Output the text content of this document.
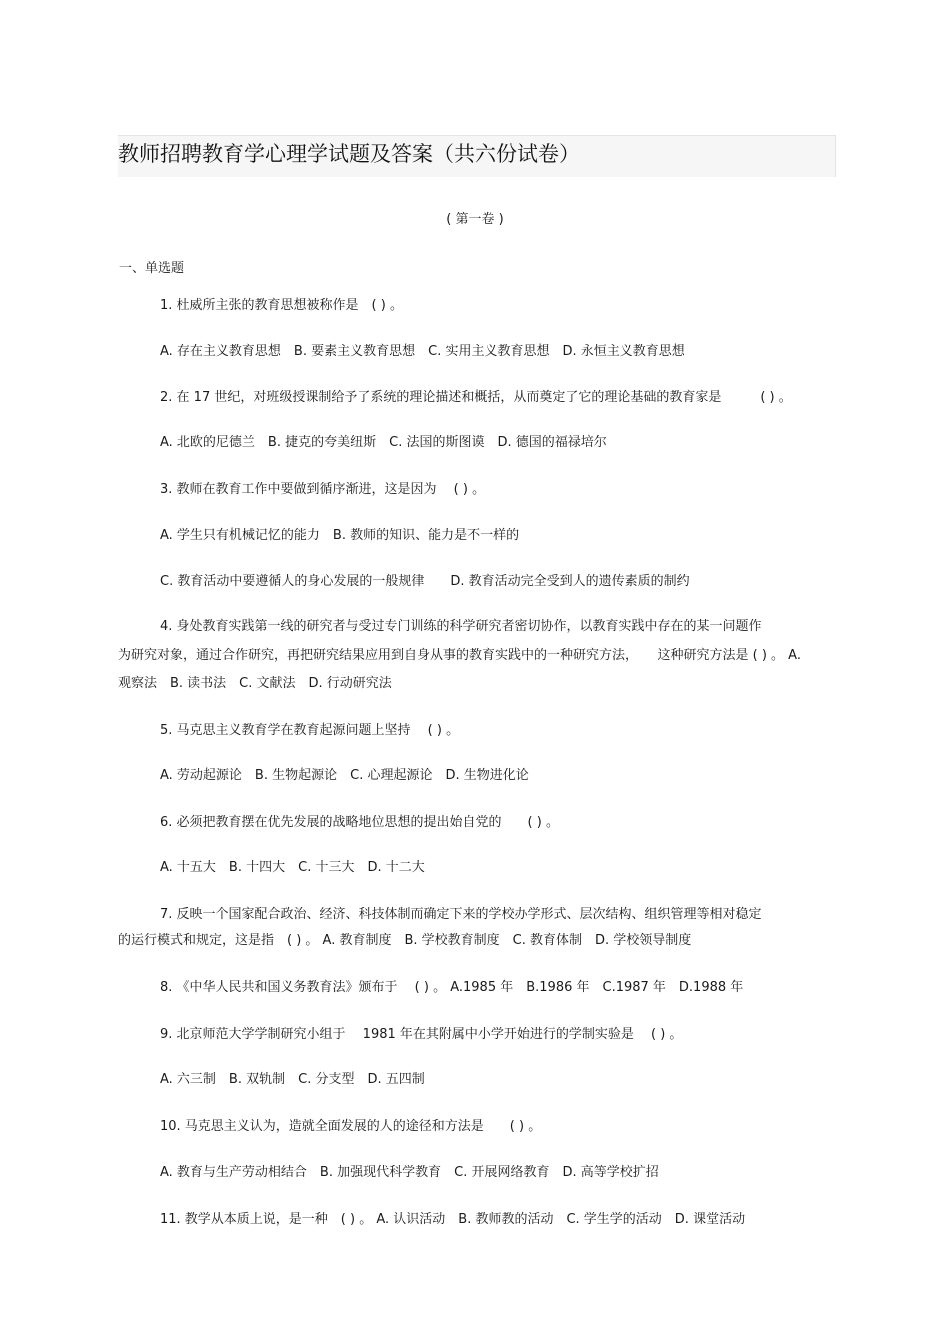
教师招聘教育学心理学试题及答案（共六份试卷）
( 第一卷 )
一、单选题
1. 杜威所主张的教育思想被称作是　( ) 。
A. 存在主义教育思想　B. 要素主义教育思想　C. 实用主义教育思想　D. 永恒主义教育思想
2. 在 17 世纪，对班级授课制给予了系统的理论描述和概括，从而奠定了它的理论基础的教育家是　　　( ) 。
A. 北欧的尼德兰　B. 捷克的夸美纽斯　C. 法国的斯图谟　D. 德国的福禄培尔
3. 教师在教育工作中要做到循序渐进，这是因为　 ( ) 。
A. 学生只有机械记忆的能力　B. 教师的知识、能力是不一样的
C. 教育活动中要遵循人的身心发展的一般规律　　D. 教育活动完全受到人的遗传素质的制约
4. 身处教育实践第一线的研究者与受过专门训练的科学研究者密切协作，以教育实践中存在的某一问题作
为研究对象，通过合作研究，再把研究结果应用到自身从事的教育实践中的一种研究方法，　　这种研究方法是 ( ) 。 A.
观察法　B. 读书法　C. 文献法　D. 行动研究法
5. 马克思主义教育学在教育起源问题上坚持　 ( ) 。
A. 劳动起源论　B. 生物起源论　C. 心理起源论　D. 生物进化论
6. 必须把教育摆在优先发展的战略地位思想的提出始自党的　　( ) 。
A. 十五大　B. 十四大　C. 十三大　D. 十二大
7. 反映一个国家配合政治、经济、科技体制而确定下来的学校办学形式、层次结构、组织管理等相对稳定
的运行模式和规定，这是指　( ) 。 A. 教育制度　B. 学校教育制度　C. 教育体制　D. 学校领导制度
8. 《中华人民共和国义务教育法》颁布于　 ( ) 。 A.1985 年　B.1986 年　C.1987 年　D.1988 年
9. 北京师范大学学制研究小组于　 1981 年在其附属中小学开始进行的学制实验是　 ( ) 。
A. 六三制　B. 双轨制　C. 分支型　D. 五四制
10. 马克思主义认为，造就全面发展的人的途径和方法是　　( ) 。
A. 教育与生产劳动相结合　B. 加强现代科学教育　C. 开展网络教育　D. 高等学校扩招
11. 教学从本质上说，是一种　( ) 。 A. 认识活动　B. 教师教的活动　C. 学生学的活动　D. 课堂活动
